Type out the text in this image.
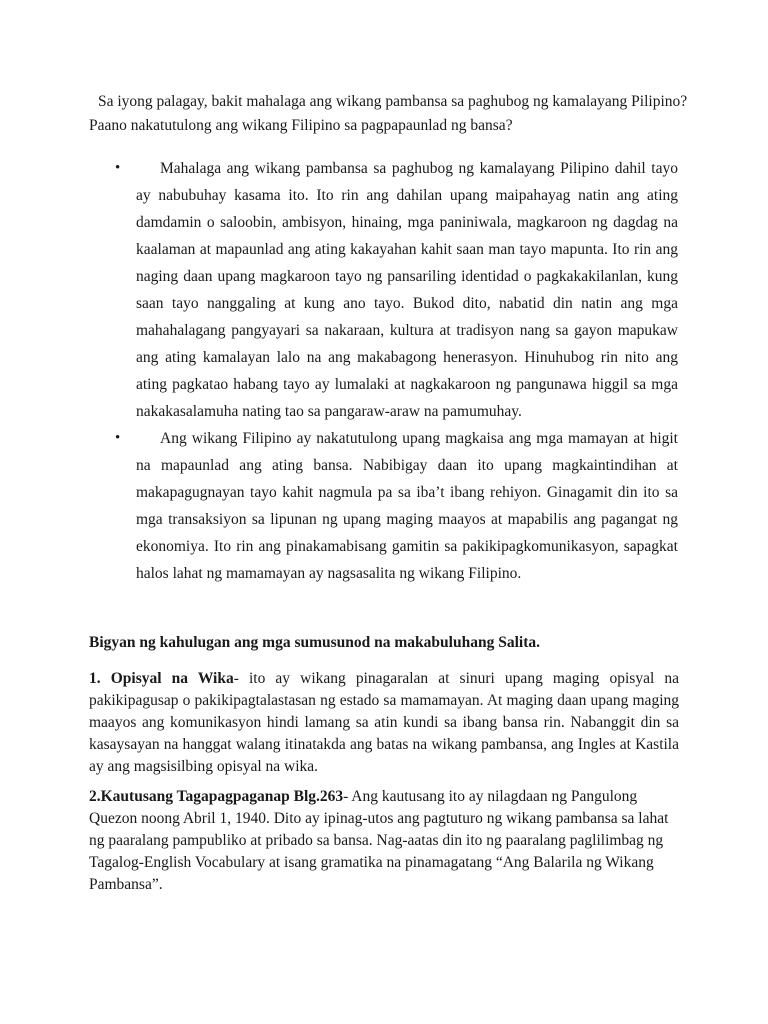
Sa iyong palagay, bakit mahalaga ang wikang pambansa sa paghubog ng kamalayang Pilipino?
Paano nakatutulong ang wikang Filipino sa pagpapaunlad ng bansa?

•	Mahalaga ang wikang pambansa sa paghubog ng kamalayang Pilipino dahil tayo ay nabubuhay kasama ito. Ito rin ang dahilan upang maipahayag natin ang ating damdamin o saloobin, ambisyon, hinaing, mga paniniwala, magkaroon ng dagdag na kaalaman at mapaunlad ang ating kakayahan kahit saan man tayo mapunta. Ito rin ang naging daan upang magkaroon tayo ng pansariling identidad o pagkakakilanlan, kung saan tayo nanggaling at kung ano tayo. Bukod dito, nabatid din natin ang mga mahahalagang pangyayari sa nakaraan, kultura at tradisyon nang sa gayon mapukaw ang ating kamalayan lalo na ang makabagong henerasyon. Hinuhubog rin nito ang ating pagkatao habang tayo ay lumalaki at nagkakaroon ng pangunawa higgil sa mga nakakasalamuha nating tao sa pangaraw-araw na pamumuhay.

•	Ang wikang Filipino ay nakatutulong upang magkaisa ang mga mamayan at higit na mapaunlad ang ating bansa. Nabibigay daan ito upang magkaintindihan at makapagugnayan tayo kahit nagmula pa sa iba’t ibang rehiyon. Ginagamit din ito sa mga transaksiyon sa lipunan ng upang maging maayos at mapabilis ang pagangat ng ekonomiya. Ito rin ang pinakamabisang gamitin sa pakikipagkomunikasyon, sapagkat halos lahat ng mamamayan ay nagsasalita ng wikang Filipino.

Bigyan ng kahulugan ang mga sumusunod na makabuluhang Salita.

1. Opisyal na Wika- ito ay wikang pinagaralan at sinuri upang maging opisyal na pakikipagusap o pakikipagtalastasan ng estado sa mamamayan. At maging daan upang maging maayos ang komunikasyon hindi lamang sa atin kundi sa ibang bansa rin. Nabanggit din sa kasaysayan na hanggat walang itinatakda ang batas na wikang pambansa, ang Ingles at Kastila ay ang magsisilbing opisyal na wika.

2.Kautusang Tagapagpaganap Blg.263- Ang kautusang ito ay nilagdaan ng Pangulong Quezon noong Abril 1, 1940. Dito ay ipinag-utos ang pagtuturo ng wikang pambansa sa lahat ng paaralang pampubliko at pribado sa bansa. Nag-aatas din ito ng paaralang paglilimbag ng Tagalog-English Vocabulary at isang gramatika na pinamagatang “Ang Balarila ng Wikang Pambansa”.
